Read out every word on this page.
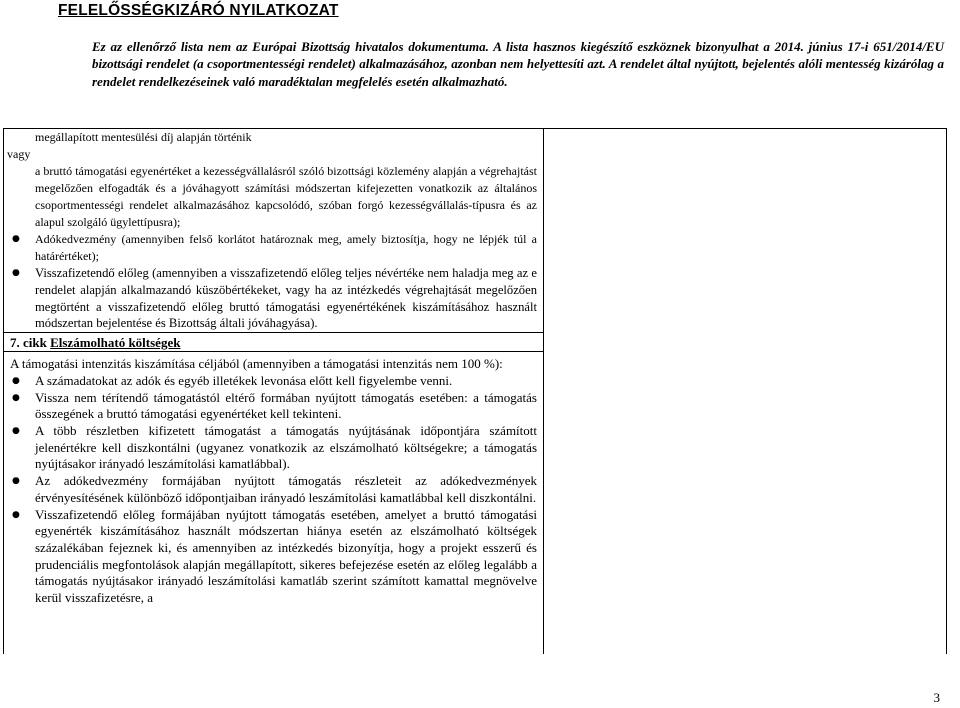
FELELŐSSÉGKIZÁRÓ NYILATKOZAT
Ez az ellenőrző lista nem az Európai Bizottság hivatalos dokumentuma. A lista hasznos kiegészítő eszköznek bizonyulhat a 2014. június 17-i 651/2014/EU bizottsági rendelet (a csoportmentességi rendelet) alkalmazásához, azonban nem helyettesíti azt. A rendelet által nyújtott, bejelentés alóli mentesség kizárólag a rendelet rendelkezéseinek való maradéktalan megfelelés esetén alkalmazható.
megállapított mentesülési díj alapján történik
vagy
a bruttó támogatási egyenértéket a kezességvállalásról szóló bizottsági közlemény alapján a végrehajtást megelőzően elfogadták és a jóváhagyott számítási módszertan kifejezetten vonatkozik az általános csoportmentességi rendelet alkalmazásához kapcsolódó, szóban forgó kezességvállalás-típusra és az alapul szolgáló ügylettípusra);
● Adókedvezmény (amennyiben felső korlátot határoznak meg, amely biztosítja, hogy ne lépjék túl a határértéket);
● Visszafizetendő előleg (amennyiben a visszafizetendő előleg teljes névértéke nem haladja meg az e rendelet alapján alkalmazandó küszöbértékeket, vagy ha az intézkedés végrehajtását megelőzően megtörtént a visszafizetendő előleg bruttó támogatási egyenértékének kiszámításához használt módszertan bejelentése és Bizottság általi jóváhagyása).
7. cikk Elszámolható költségek
A támogatási intenzitás kiszámítása céljából (amennyiben a támogatási intenzitás nem 100 %):
● A számadatokat az adók és egyéb illetékek levonása előtt kell figyelembe venni.
● Vissza nem térítendő támogatástól eltérő formában nyújtott támogatás esetében: a támogatás összegének a bruttó támogatási egyenértéket kell tekinteni.
● A több részletben kifizetett támogatást a támogatás nyújtásának időpontjára számított jelenértékre kell diszkontálni (ugyanez vonatkozik az elszámolható költségekre; a támogatás nyújtásakor irányadó leszámítolási kamatlábbal).
● Az adókedvezmény formájában nyújtott támogatás részleteit az adókedvezmények érvényesítésének különböző időpontjaiban irányadó leszámítolási kamatlábbal kell diszkontálni.
● Visszafizetendő előleg formájában nyújtott támogatás esetében, amelyet a bruttó támogatási egyenérték kiszámításához használt módszertan hiánya esetén az elszámolható költségek százalékában fejeznek ki, és amennyiben az intézkedés bizonyítja, hogy a projekt esszerű és prudenciális megfontolások alapján megállapított, sikeres befejezése esetén az előleg legalább a támogatás nyújtásakor irányadó leszámítolási kamatláb szerint számított kamattal megnövelve kerül visszafizetésre, a
3
